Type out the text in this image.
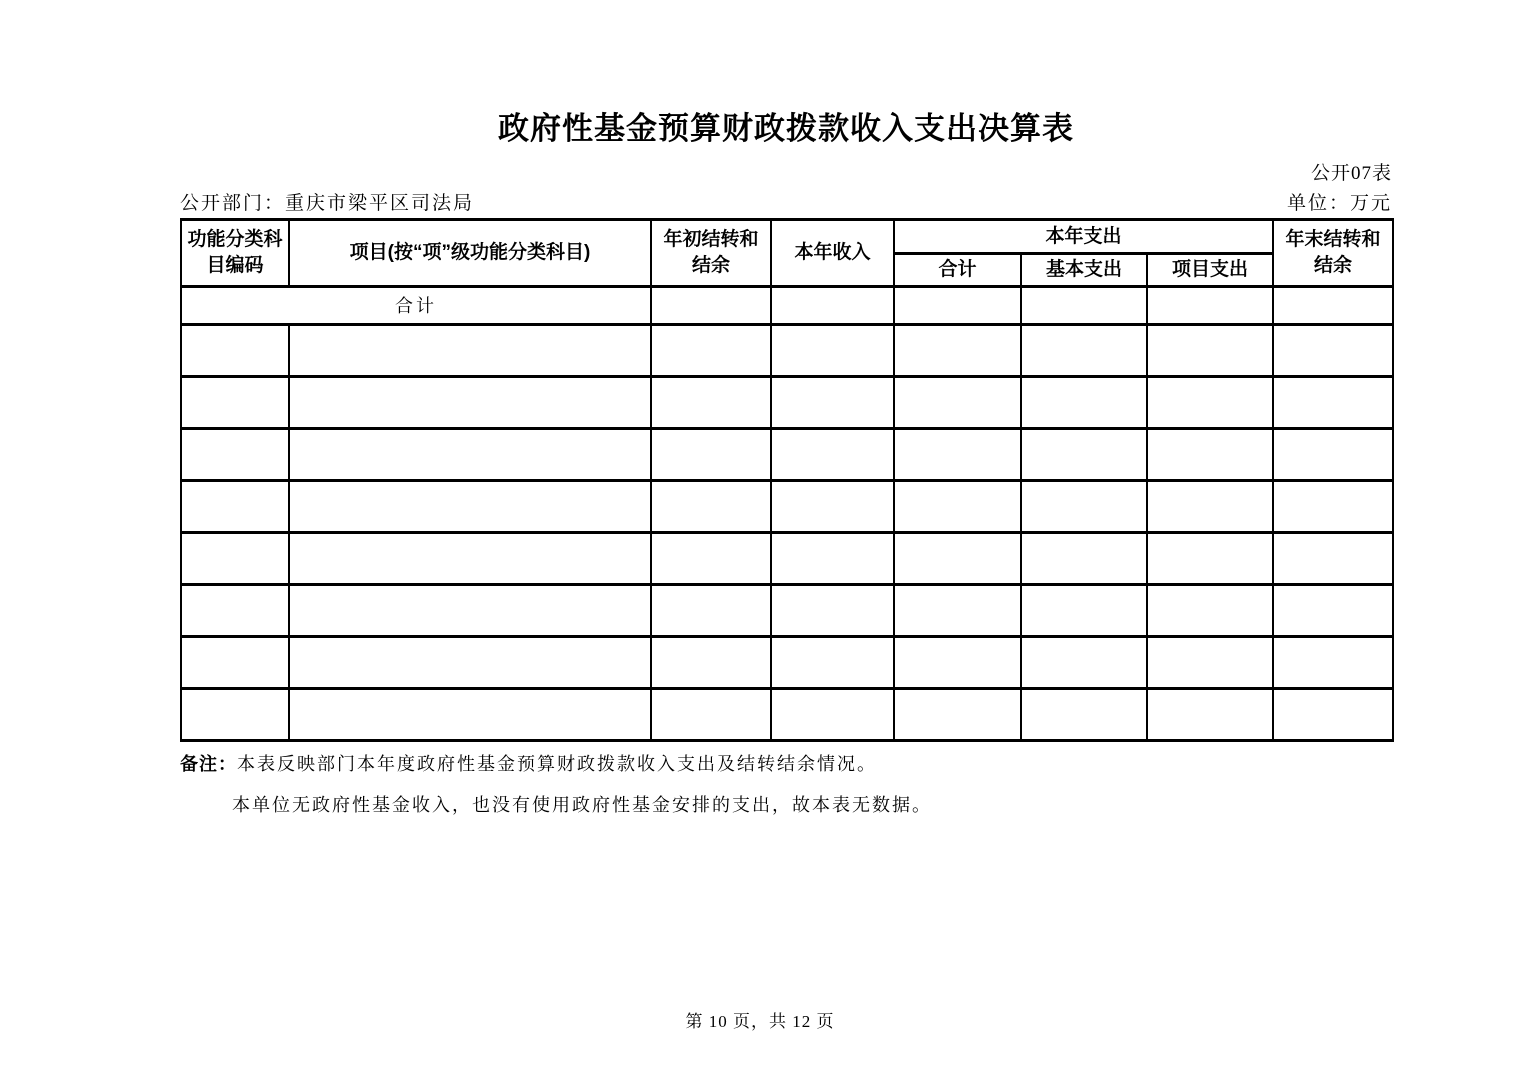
政府性基金预算财政拨款收入支出决算表
公开07表
公开部门：重庆市梁平区司法局	单位：万元
功能分类科目编码	项目(按“项”级功能分类科目)	年初结转和结余	本年收入	本年支出			年末结转和结余
				合计	基本支出	项目支出	
合计							

备注：本表反映部门本年度政府性基金预算财政拨款收入支出及结转结余情况。
本单位无政府性基金收入，也没有使用政府性基金安排的支出，故本表无数据。
第 10 页，共 12 页
